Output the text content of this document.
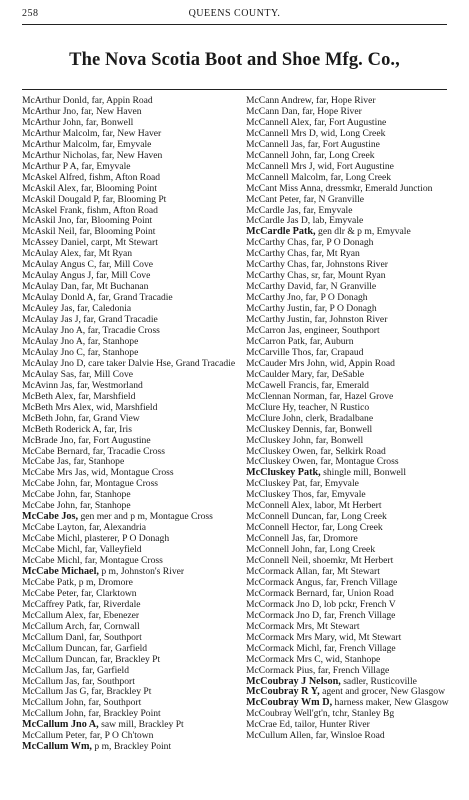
258	QUEENS COUNTY.
The Nova Scotia Boot and Shoe Mfg. Co.,
McArthur Donld, far, Appin Road
McArthur Jno, far, New Haven
McArthur John, far, Bonwell
McArthur Malcolm, far, New Haver
McArthur Malcolm, far, Emyvale
McArthur Nicholas, far, New Haven
McArthur P A, far, Emyvale
McAskel Alfred, fishm, Afton Road
McAskil Alex, far, Blooming Point
McAskil Dougald P, far, Blooming Pt
McAskel Frank, fishm, Afton Road
McAskil Jno, far, Blooming Point
McAskil Neil, far, Blooming Point
McAssey Daniel, carpt, Mt Stewart
McAulay Alex, far, Mt Ryan
McAulay Angus C, far, Mill Cove
McAulay Angus J, far, Mill Cove
McAulay Dan, far, Mt Buchanan
McAulay Donld A, far, Grand Tracadie
McAuley Jas, far, Caledonia
McAulay Jas J, far, Grand Tracadie
McAulay Jno A, far, Tracadie Cross
McAulay Jno A, far, Stanhope
McAulay Jno C, far, Stanhope
McAulay Jno D, care taker Dalvie Hse, Grand Tracadie
McAulay Sas, far, Mill Cove
McAvinn Jas, far, Westmorland
McBeth Alex, far, Marshfield
McBeth Mrs Alex, wid, Marshfield
McBeth John, far, Grand View
McBeth Roderick A, far, Iris
McBrade Jno, far, Fort Augustine
McCabe Bernard, far, Tracadie Cross
McCabe Jas, far, Stanhope
McCabe Mrs Jas, wid, Montague Cross
McCabe John, far, Montague Cross
McCabe John, far, Stanhope
McCabe John, far, Stanhope
McCabe Jos, gen mer and p m, Montague Cross
McCabe Layton, far, Alexandria
McCabe Michl, plasterer, P O Donagh
McCabe Michl, far, Valleyfield
McCabe Michl, far, Montague Cross
McCabe Michael, p m, Johnston's River
McCabe Patk, p m, Dromore
McCabe Peter, far, Clarktown
McCaffrey Patk, far, Riverdale
McCallum Alex, far, Ebenezer
McCallum Arch, far, Cornwall
McCallum Danl, far, Southport
McCallum Duncan, far, Garfield
McCallum Duncan, far, Brackley Pt
McCallum Jas, far, Garfield
McCallum Jas, far, Southport
McCallum Jas G, far, Brackley Pt
McCallum John, far, Southport
McCallum John, far, Brackley Point
McCallum Jno A, saw mill, Brackley Pt
McCallum Peter, far, P O Ch'town
McCallum Wm, p m, Brackley Point
McCann Andrew, far, Hope River
McCann Dan, far, Hope River
McCannell Alex, far, Fort Augustine
McCannell Mrs D, wid, Long Creek
McCannell Jas, far, Fort Augustine
McCannell John, far, Long Creek
McCannell Mrs J, wid, Fort Augustine
McCannell Malcolm, far, Long Creek
McCant Miss Anna, dressmkr, Emerald Junction
McCant Peter, far, N Granville
McCardle Jas, far, Emyvale
McCardle Jas D, lab, Emyvale
McCardle Patk, gen dlr & p m, Emyvale
McCarthy Chas, far, P O Donagh
McCarthy Chas, far, Mt Ryan
McCarthy Chas, far, Johnstons River
McCarthy Chas, sr, far, Mount Ryan
McCarthy David, far, N Granville
McCarthy Jno, far, P O Donagh
McCarthy Justin, far, P O Donagh
McCarthy Justin, far, Johnston River
McCarron Jas, engineer, Southport
McCarron Patk, far, Auburn
McCarville Thos, far, Crapaud
McCauder Mrs John, wid, Appin Road
McCaulder Mary, far, DeSable
McCawell Francis, far, Emerald
McClennan Norman, far, Hazel Grove
McClure Hy, teacher, N Rustico
McClure John, clerk, Bradalbane
McCluskey Dennis, far, Bonwell
McCluskey John, far, Bonwell
McCluskey Owen, far, Selkirk Road
McCluskey Owen, far, Montague Cross
McCluskey Patk, shingle mill, Bonwell
McCluskey Pat, far, Emyvale
McCluskey Thos, far, Emyvale
McConnell Alex, labor, Mt Herbert
McConnell Duncan, far, Long Creek
McConnell Hector, far, Long Creek
McConnell Jas, far, Dromore
McConnell John, far, Long Creek
McConnell Neil, shoemkr, Mt Herbert
McCormack Allan, far, Mt Stewart
McCormack Angus, far, French Village
McCormack Bernard, far, Union Road
McCormack Jno D, lob pckr, French V
McCormack Jno D, far, French Village
McCormack Mrs, Mt Stewart
McCormack Mrs Mary, wid, Mt Stewart
McCormack Michl, far, French Village
McCormack Mrs C, wid, Stanhope
McCormack Pius, far, French Village
McCoubray J Nelson, sadler, Rusticoville
McCoubray R Y, agent and grocer, New Glasgow
McCoubray Wm D, harness maker, New Glasgow
McCoubray Well'gt'n, tchr, Stanley Bg
McCrae Ed, tailor, Hunter River
McCullum Allen, far, Winsloe Road
